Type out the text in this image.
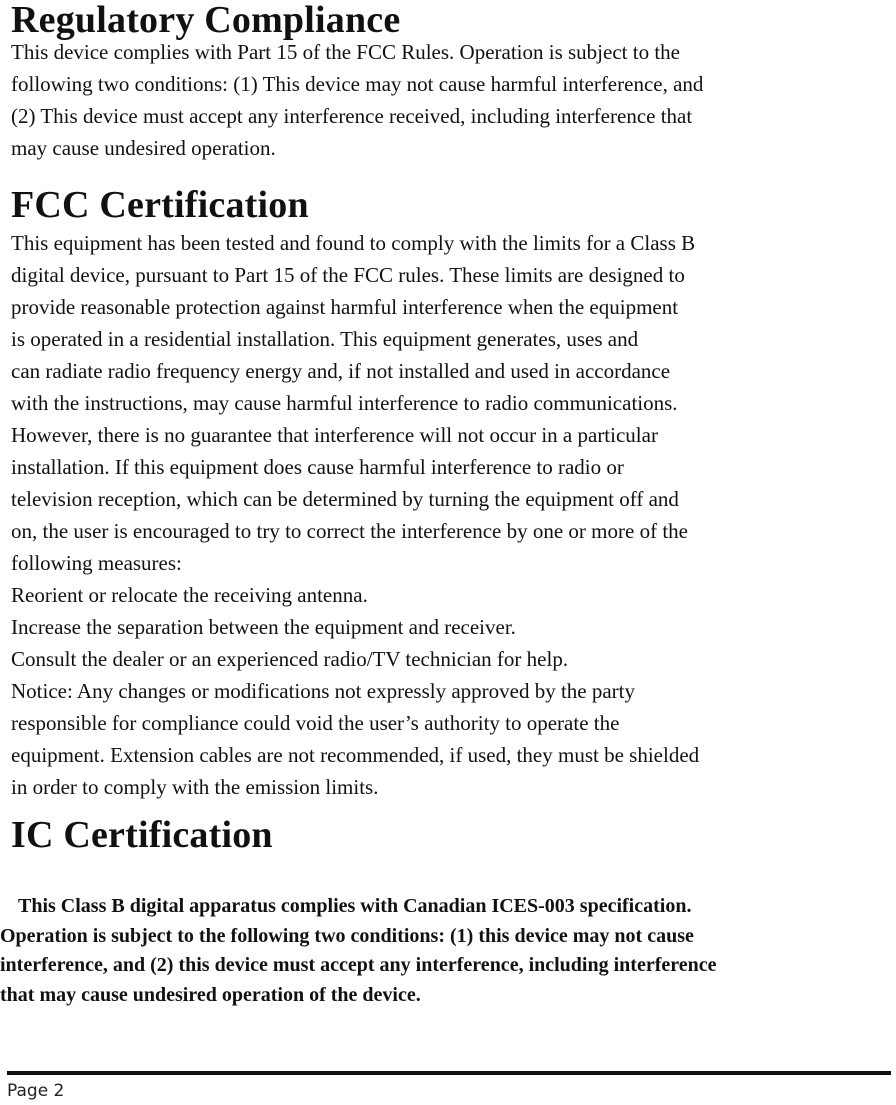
Regulatory Compliance
This device complies with Part 15 of the FCC Rules. Operation is subject to the
following two conditions: (1) This device may not cause harmful interference, and
(2) This device must accept any interference received, including interference that
may cause undesired operation.
FCC Certification
This equipment has been tested and found to comply with the limits for a Class B
digital device, pursuant to Part 15 of the FCC rules. These limits are designed to
provide reasonable protection against harmful interference when the equipment
is operated in a residential installation. This equipment generates, uses and
can radiate radio frequency energy and, if not installed and used in accordance
with the instructions, may cause harmful interference to radio communications.
However, there is no guarantee that interference will not occur in a particular
installation. If this equipment does cause harmful interference to radio or
television reception, which can be determined by turning the equipment off and
on, the user is encouraged to try to correct the interference by one or more of the
following measures:
Reorient or relocate the receiving antenna.
Increase the separation between the equipment and receiver.
Consult the dealer or an experienced radio/TV technician for help.
Notice: Any changes or modifications not expressly approved by the party
responsible for compliance could void the user’s authority to operate the
equipment. Extension cables are not recommended, if used, they must be shielded
in order to comply with the emission limits.
IC Certification
This Class B digital apparatus complies with Canadian ICES-003 specification.
Operation is subject to the following two conditions: (1) this device may not cause
interference, and (2) this device must accept any interference, including interference
that may cause undesired operation of the device.
Page 2
